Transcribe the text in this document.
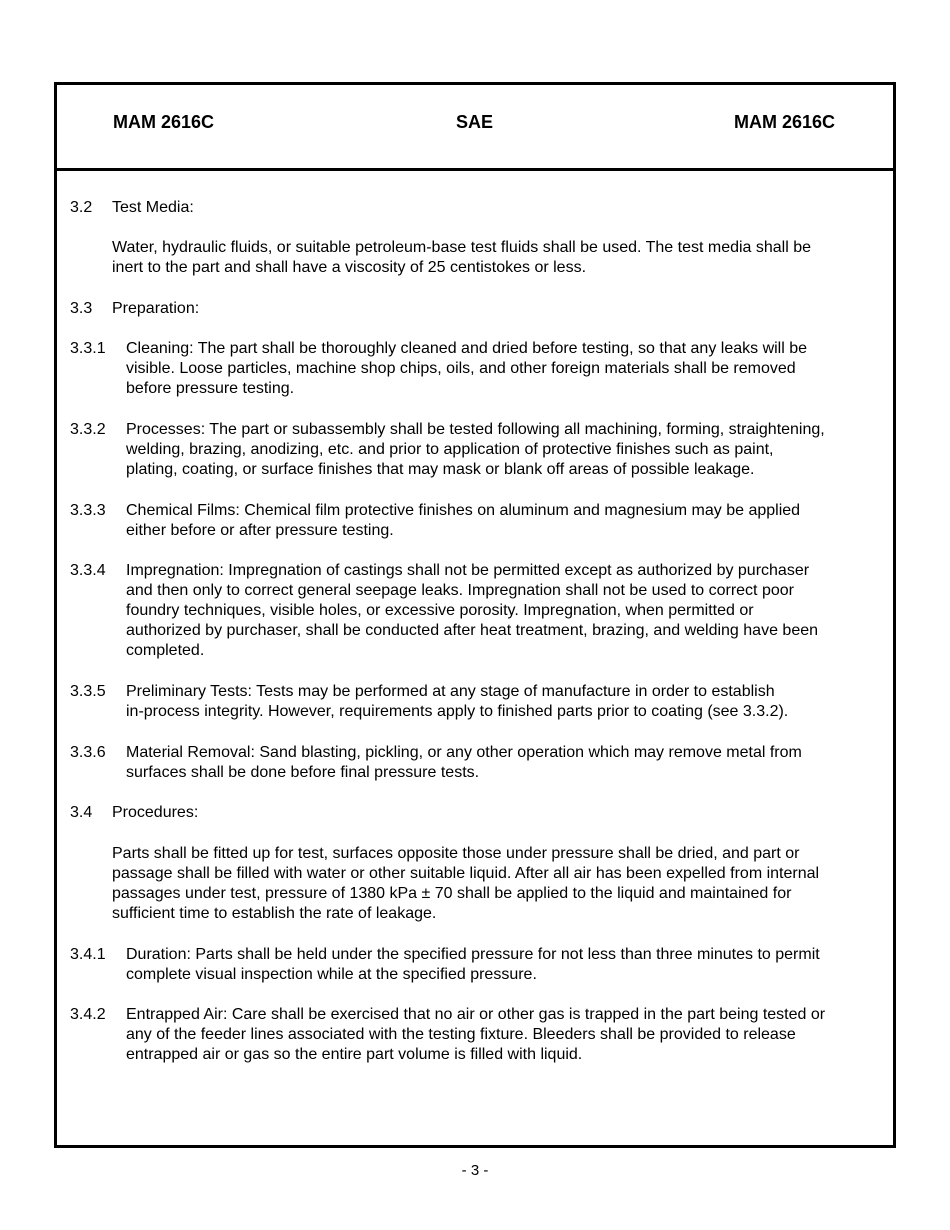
MAM 2616C	SAE	MAM 2616C
3.2 Test Media:
Water, hydraulic fluids, or suitable petroleum-base test fluids shall be used. The test media shall be
inert to the part and shall have a viscosity of 25 centistokes or less.
3.3 Preparation:
3.3.1 Cleaning: The part shall be thoroughly cleaned and dried before testing, so that any leaks will be
visible. Loose particles, machine shop chips, oils, and other foreign materials shall be removed
before pressure testing.
3.3.2 Processes: The part or subassembly shall be tested following all machining, forming, straightening,
welding, brazing, anodizing, etc. and prior to application of protective finishes such as paint,
plating, coating, or surface finishes that may mask or blank off areas of possible leakage.
3.3.3 Chemical Films: Chemical film protective finishes on aluminum and magnesium may be applied
either before or after pressure testing.
3.3.4 Impregnation: Impregnation of castings shall not be permitted except as authorized by purchaser
and then only to correct general seepage leaks. Impregnation shall not be used to correct poor
foundry techniques, visible holes, or excessive porosity. Impregnation, when permitted or
authorized by purchaser, shall be conducted after heat treatment, brazing, and welding have been
completed.
3.3.5 Preliminary Tests: Tests may be performed at any stage of manufacture in order to establish
in-process integrity. However, requirements apply to finished parts prior to coating (see 3.3.2).
3.3.6 Material Removal: Sand blasting, pickling, or any other operation which may remove metal from
surfaces shall be done before final pressure tests.
3.4 Procedures:
Parts shall be fitted up for test, surfaces opposite those under pressure shall be dried, and part or
passage shall be filled with water or other suitable liquid. After all air has been expelled from internal
passages under test, pressure of 1380 kPa ± 70 shall be applied to the liquid and maintained for
sufficient time to establish the rate of leakage.
3.4.1 Duration: Parts shall be held under the specified pressure for not less than three minutes to permit
complete visual inspection while at the specified pressure.
3.4.2 Entrapped Air: Care shall be exercised that no air or other gas is trapped in the part being tested or
any of the feeder lines associated with the testing fixture. Bleeders shall be provided to release
entrapped air or gas so the entire part volume is filled with liquid.
- 3 -
